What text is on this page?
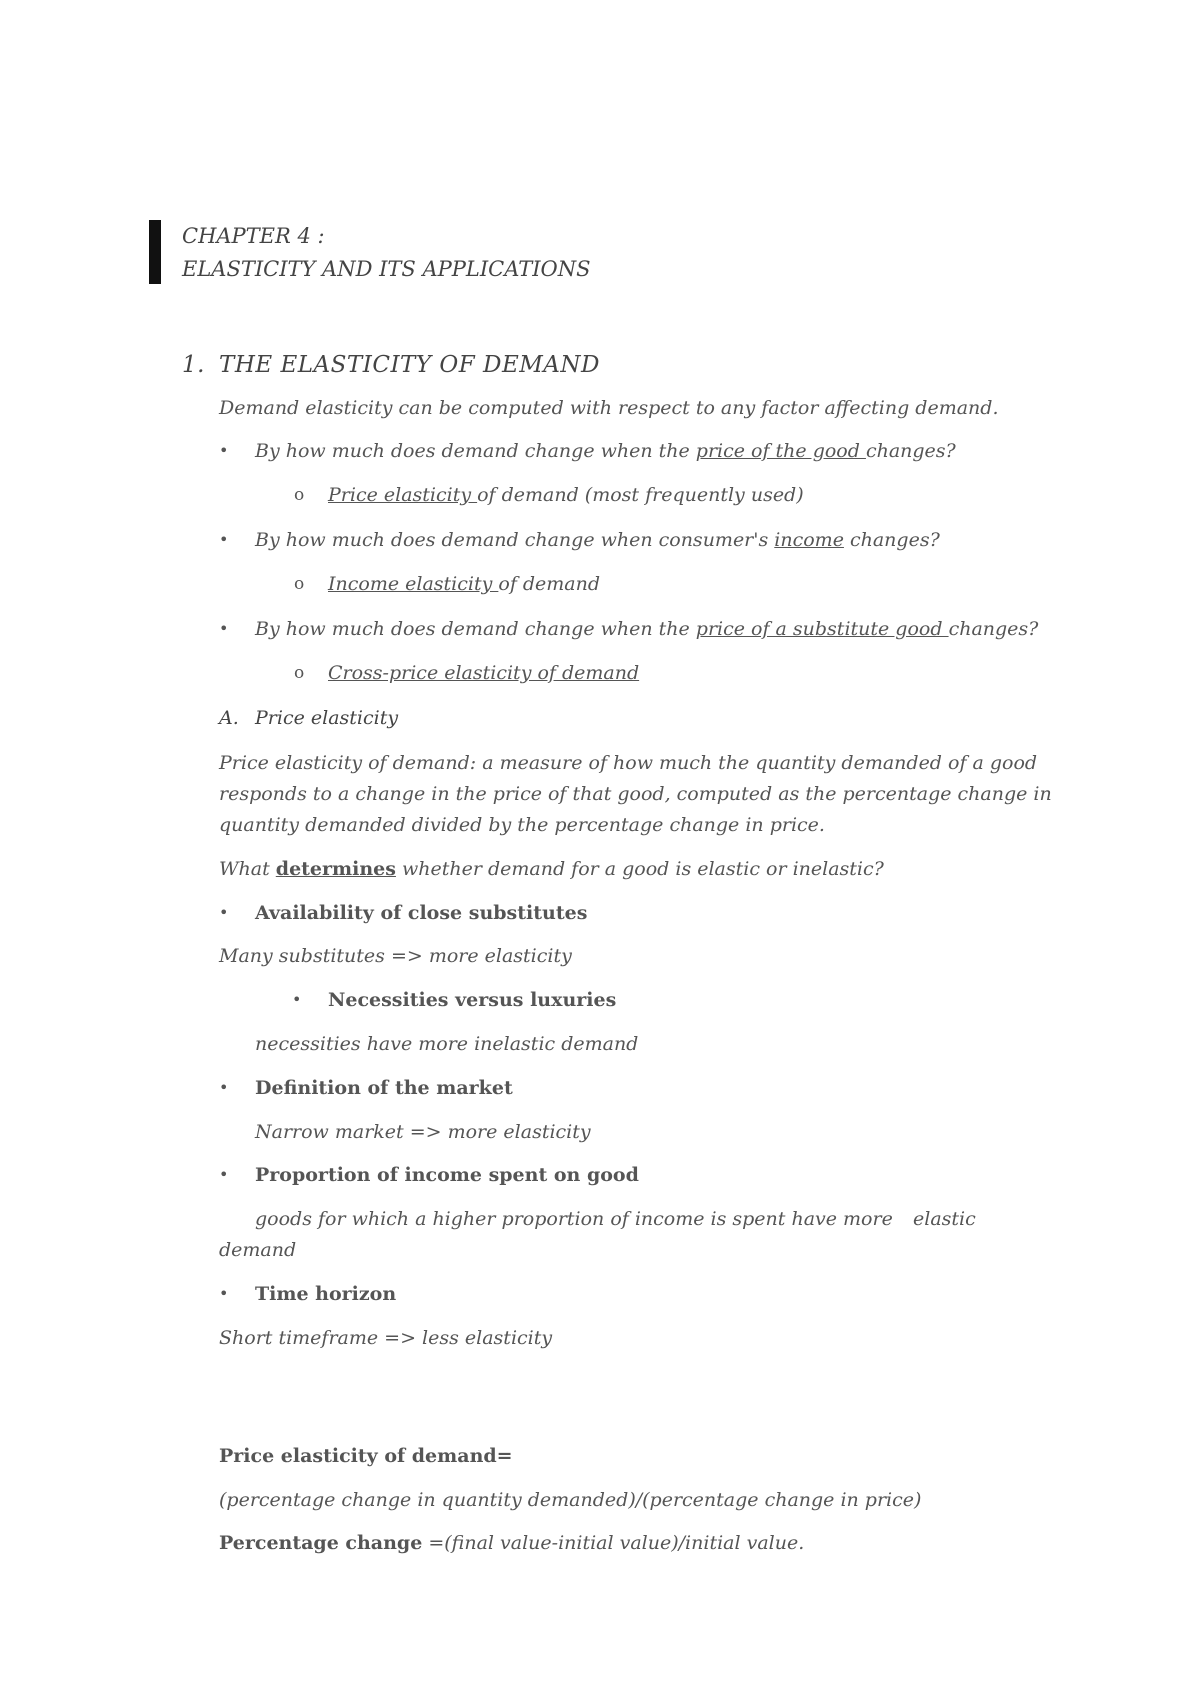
CHAPTER 4 :
ELASTICITY AND ITS APPLICATIONS
1. THE ELASTICITY OF DEMAND
Demand elasticity can be computed with respect to any factor affecting demand.
• By how much does demand change when the price of the good changes?
o Price elasticity of demand (most frequently used)
• By how much does demand change when consumer's income changes?
o Income elasticity of demand
• By how much does demand change when the price of a substitute good changes?
o Cross-price elasticity of demand
A. Price elasticity
Price elasticity of demand: a measure of how much the quantity demanded of a good
responds to a change in the price of that good, computed as the percentage change in
quantity demanded divided by the percentage change in price.
What determines whether demand for a good is elastic or inelastic?
• Availability of close substitutes
Many substitutes => more elasticity
• Necessities versus luxuries
necessities have more inelastic demand
• Definition of the market
Narrow market => more elasticity
• Proportion of income spent on good
goods for which a higher proportion of income is spent have more elastic
demand
• Time horizon
Short timeframe => less elasticity
Price elasticity of demand=
(percentage change in quantity demanded)/(percentage change in price)
Percentage change =(final value-initial value)/initial value.
